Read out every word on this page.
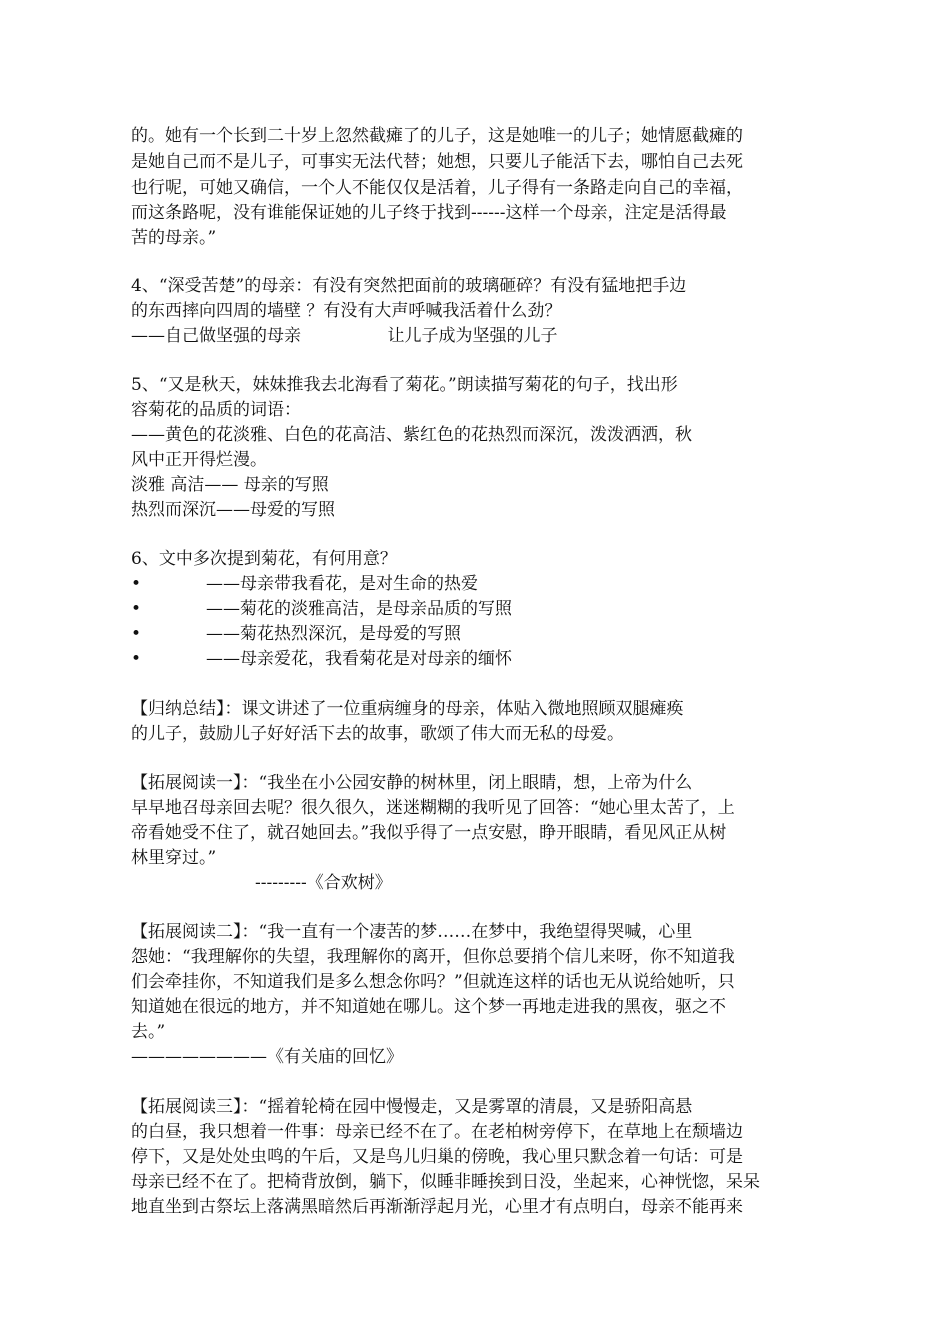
的。她有一个长到二十岁上忽然截瘫了的儿子，这是她唯一的儿子；她情愿截瘫的
是她自己而不是儿子，可事实无法代替；她想，只要儿子能活下去，哪怕自己去死
也行呢，可她又确信，一个人不能仅仅是活着，儿子得有一条路走向自己的幸福，
而这条路呢，没有谁能保证她的儿子终于找到------这样一个母亲，注定是活得最
苦的母亲。”
4、“深受苦楚”的母亲：有没有突然把面前的玻璃砸碎？有没有猛地把手边
的东西摔向四周的墙壁 ？有没有大声呼喊我活着什么劲？
——自己做坚强的母亲                让儿子成为坚强的儿子
5、“又是秋天，妹妹推我去北海看了菊花。”朗读描写菊花的句子，找出形
容菊花的品质的词语：
——黄色的花淡雅、白色的花高洁、紫红色的花热烈而深沉，泼泼洒洒，秋
风中正开得烂漫。
淡雅 高洁—— 母亲的写照
热烈而深沉——母爱的写照
6、文中多次提到菊花，有何用意？
•	——母亲带我看花，是对生命的热爱
•	——菊花的淡雅高洁，是母亲品质的写照
•	——菊花热烈深沉，是母爱的写照
•	——母亲爱花，我看菊花是对母亲的缅怀
【归纳总结】：课文讲述了一位重病缠身的母亲，体贴入微地照顾双腿瘫痪
的儿子，鼓励儿子好好活下去的故事，歌颂了伟大而无私的母爱。
【拓展阅读一】：“我坐在小公园安静的树林里，闭上眼睛，想，上帝为什么
早早地召母亲回去呢？很久很久，迷迷糊糊的我听见了回答：“她心里太苦了，上
帝看她受不住了，就召她回去。”我似乎得了一点安慰，睁开眼睛，看见风正从树
林里穿过。”
---------《合欢树》
【拓展阅读二】：“我一直有一个凄苦的梦……在梦中，我绝望得哭喊，心里
怨她：“我理解你的失望，我理解你的离开，但你总要捎个信儿来呀，你不知道我
们会牵挂你，不知道我们是多么想念你吗？”但就连这样的话也无从说给她听，只
知道她在很远的地方，并不知道她在哪儿。这个梦一再地走进我的黑夜，驱之不
去。”
————————《有关庙的回忆》
【拓展阅读三】：“摇着轮椅在园中慢慢走，又是雾罩的清晨，又是骄阳高悬
的白昼，我只想着一件事：母亲已经不在了。在老柏树旁停下，在草地上在颓墙边
停下，又是处处虫鸣的午后，又是鸟儿归巢的傍晚，我心里只默念着一句话：可是
母亲已经不在了。把椅背放倒，躺下，似睡非睡挨到日没，坐起来，心神恍惚，呆呆
地直坐到古祭坛上落满黑暗然后再渐渐浮起月光，心里才有点明白，母亲不能再来
